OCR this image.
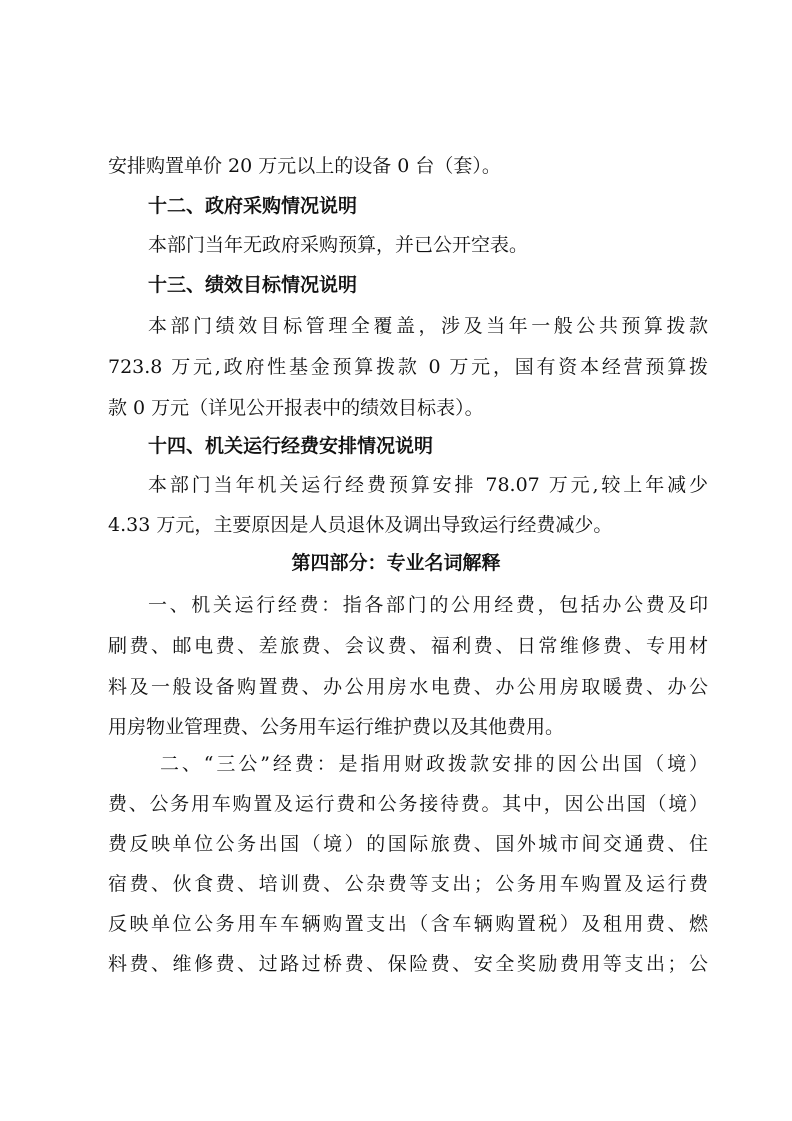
安排购置单价 20 万元以上的设备 0 台（套）。

十二、政府采购情况说明

本部门当年无政府采购预算，并已公开空表。

十三、绩效目标情况说明

本部门绩效目标管理全覆盖，涉及当年一般公共预算拨款

723.8 万元,政府性基金预算拨款 0 万元，国有资本经营预算拨

款 0 万元（详见公开报表中的绩效目标表）。

十四、机关运行经费安排情况说明

本部门当年机关运行经费预算安排 78.07 万元,较上年减少

4.33 万元，主要原因是人员退休及调出导致运行经费减少。

第四部分：专业名词解释

一、机关运行经费：指各部门的公用经费，包括办公费及印

刷费、邮电费、差旅费、会议费、福利费、日常维修费、专用材

料及一般设备购置费、办公用房水电费、办公用房取暖费、办公

用房物业管理费、公务用车运行维护费以及其他费用。

二、“三公”经费：是指用财政拨款安排的因公出国（境）

费、公务用车购置及运行费和公务接待费。其中，因公出国（境）

费反映单位公务出国（境）的国际旅费、国外城市间交通费、住

宿费、伙食费、培训费、公杂费等支出；公务用车购置及运行费

反映单位公务用车车辆购置支出（含车辆购置税）及租用费、燃

料费、维修费、过路过桥费、保险费、安全奖励费用等支出；公
